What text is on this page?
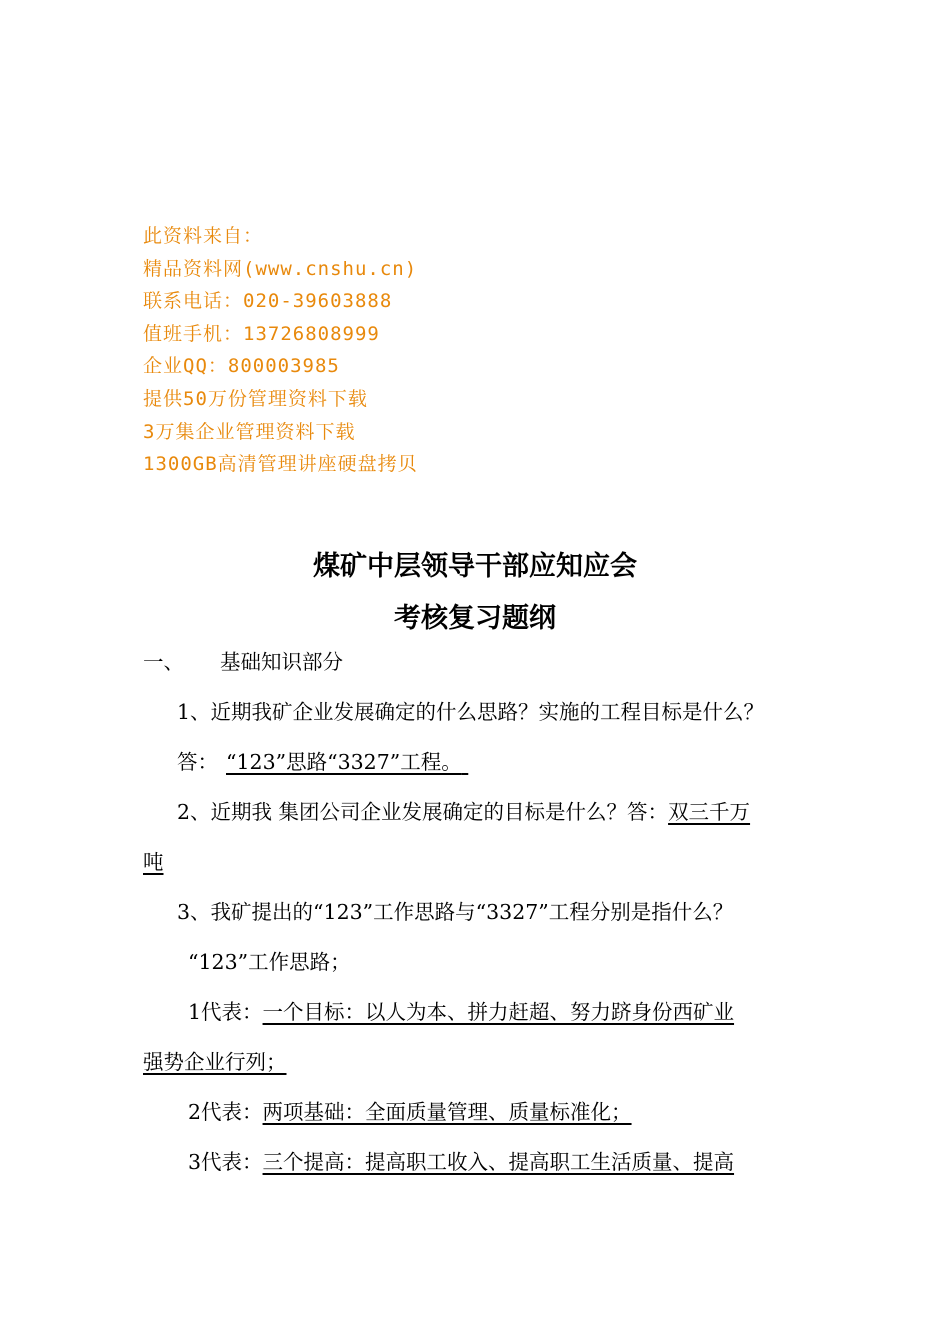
此资料来自：
精品资料网(www.cnshu.cn)
联系电话：020-39603888
值班手机：13726808999
企业QQ：800003985
提供50万份管理资料下载
3万集企业管理资料下载
1300GB高清管理讲座硬盘拷贝
煤矿中层领导干部应知应会
考核复习题纲
一、 基础知识部分
1、近期我矿企业发展确定的什么思路？实施的工程目标是什么？
答： “123”思路“3327”工程。
2、近期我 集团公司企业发展确定的目标是什么？答：双三千万
吨
3、我矿提出的“123”工作思路与“3327”工程分别是指什么？
“123”工作思路；
1代表：一个目标：以人为本、拼力赶超、努力跻身份西矿业
强势企业行列；
2代表：两项基础：全面质量管理、质量标准化；
3代表：三个提高：提高职工收入、提高职工生活质量、提高
